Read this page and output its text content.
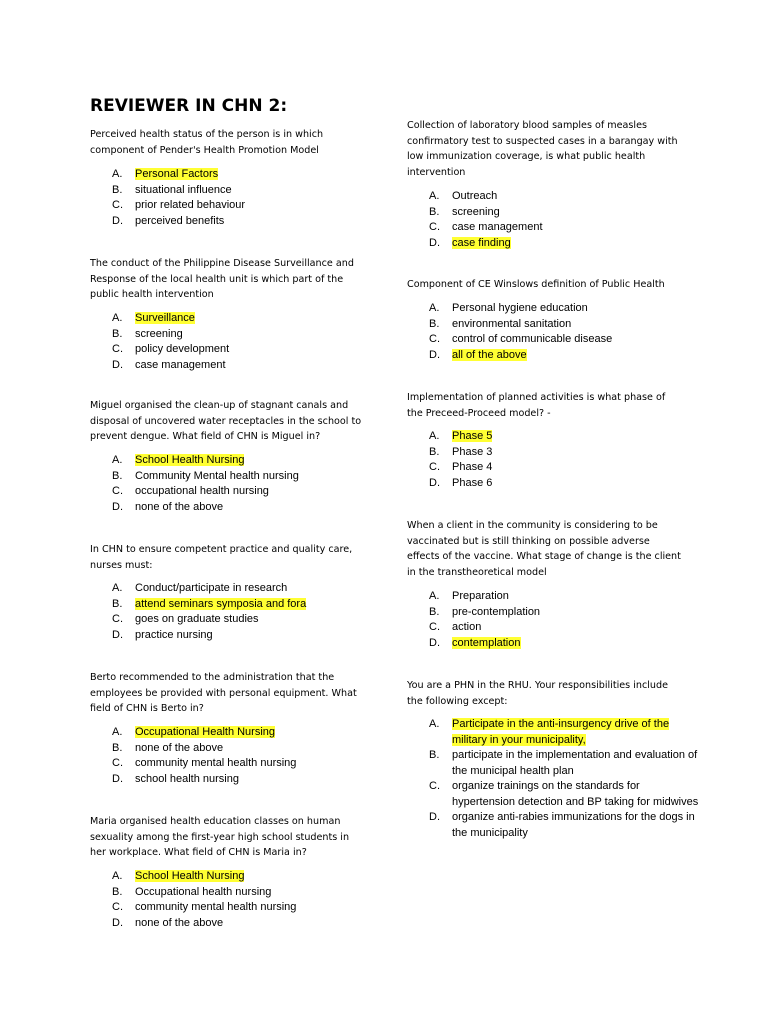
REVIEWER IN CHN 2:

Perceived health status of the person is in which component of Pender's Health Promotion Model

A. Personal Factors
B. situational influence
C. prior related behaviour
D. perceived benefits

The conduct of the Philippine Disease Surveillance and Response of the local health unit is which part of the public health intervention

A. Surveillance
B. screening
C. policy development
D. case management

Miguel organised the clean-up of stagnant canals and disposal of uncovered water receptacles in the school to prevent dengue. What field of CHN is Miguel in?

A. School Health Nursing
B. Community Mental health nursing
C. occupational health nursing
D. none of the above

In CHN to ensure competent practice and quality care, nurses must:

A. Conduct/participate in research
B. attend seminars symposia and fora
C. goes on graduate studies
D. practice nursing

Berto recommended to the administration that the employees be provided with personal equipment. What field of CHN is Berto in?

A. Occupational Health Nursing
B. none of the above
C. community mental health nursing
D. school health nursing

Maria organised health education classes on human sexuality among the first-year high school students in her workplace. What field of CHN is Maria in?

A. School Health Nursing
B. Occupational health nursing
C. community mental health nursing
D. none of the above

Collection of laboratory blood samples of measles confirmatory test to suspected cases in a barangay with low immunization coverage, is what public health intervention

A. Outreach
B. screening
C. case management
D. case finding

Component of CE Winslows definition of Public Health

A. Personal hygiene education
B. environmental sanitation
C. control of communicable disease
D. all of the above

Implementation of planned activities is what phase of the Preceed-Proceed model? -

A. Phase 5
B. Phase 3
C. Phase 4
D. Phase 6

When a client in the community is considering to be vaccinated but is still thinking on possible adverse effects of the vaccine. What stage of change is the client in the transtheoretical model

A. Preparation
B. pre-contemplation
C. action
D. contemplation

You are a PHN in the RHU. Your responsibilities include the following except:

A. Participate in the anti-insurgency drive of the military in your municipality,
B. participate in the implementation and evaluation of the municipal health plan
C. organize trainings on the standards for hypertension detection and BP taking for midwives
D. organize anti-rabies immunizations for the dogs in the municipality
